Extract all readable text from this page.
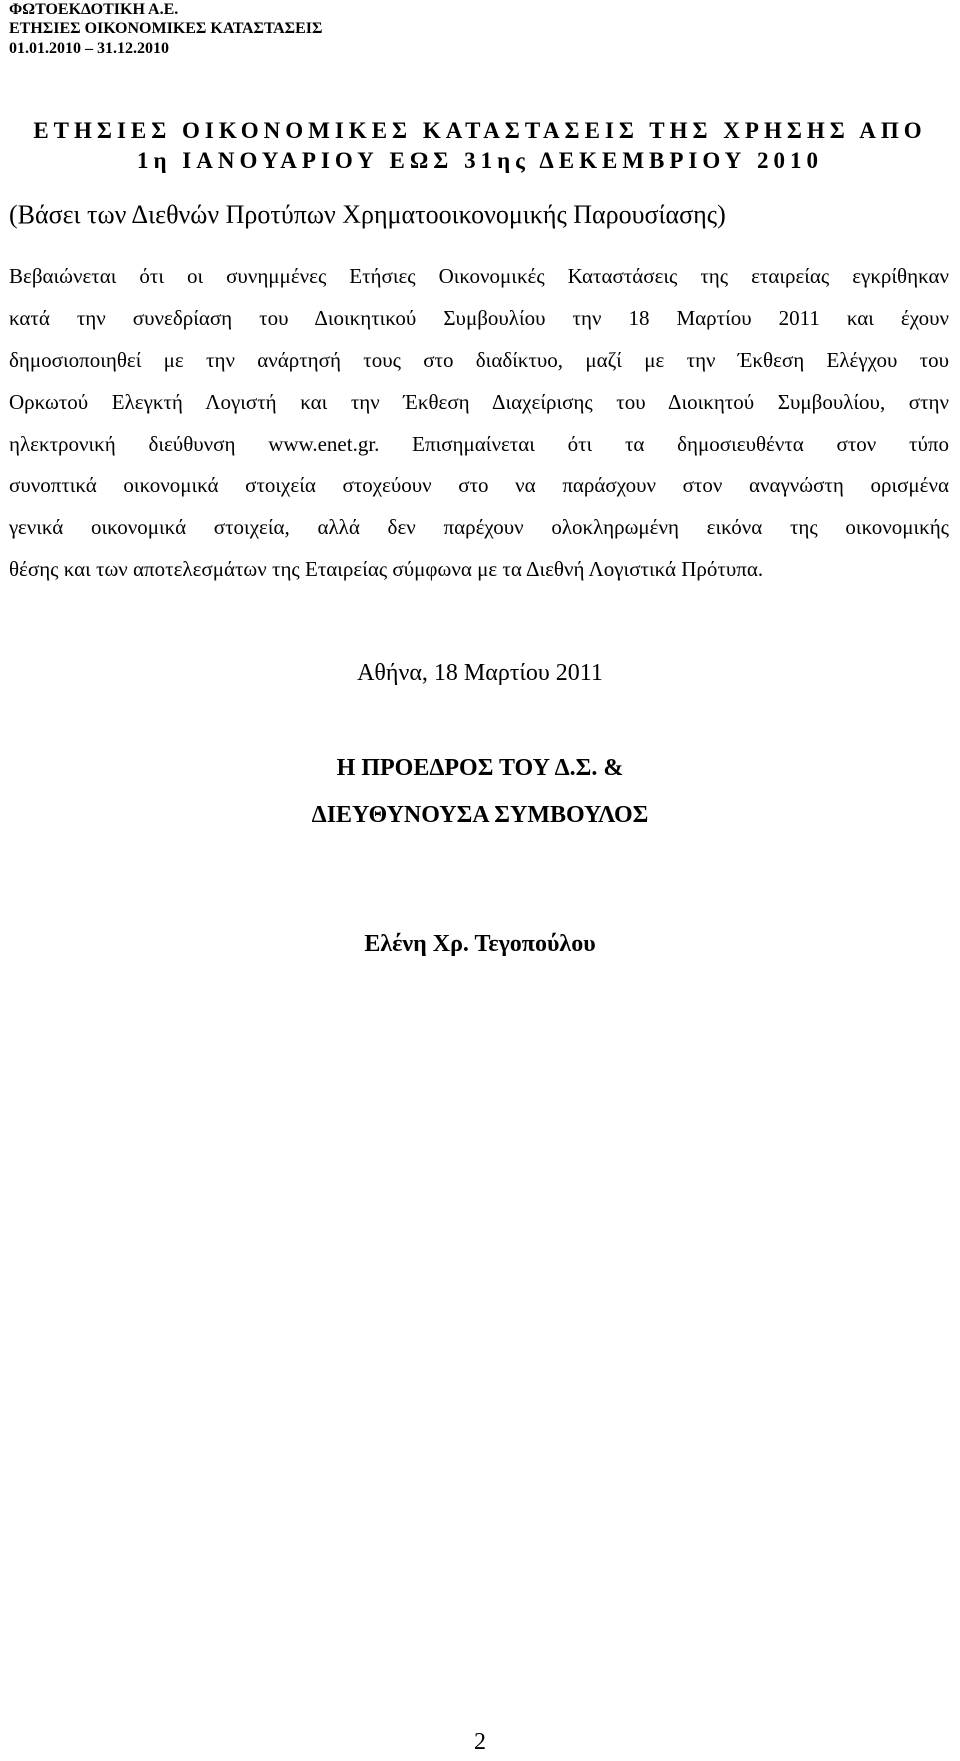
ΦΩΤΟΕΚΔΟΤΙΚΗ Α.Ε.

ΕΤΗΣΙΕΣ ΟΙΚΟΝΟΜΙΚΕΣ ΚΑΤΑΣΤΑΣΕΙΣ

01.01.2010 – 31.12.2010

ΕΤΗΣΙΕΣ ΟΙΚΟΝΟΜΙΚΕΣ ΚΑΤΑΣΤΑΣΕΙΣ ΤΗΣ ΧΡΗΣΗΣ ΑΠΟ
1η ΙΑΝΟΥΑΡΙΟΥ ΕΩΣ 31ης ΔΕΚΕΜΒΡΙΟΥ 2010

(Βάσει των Διεθνών Προτύπων Χρηματοοικονομικής Παρουσίασης)

Βεβαιώνεται ότι οι συνημμένες Ετήσιες Οικονομικές Καταστάσεις της εταιρείας εγκρίθηκαν
κατά την συνεδρίαση του Διοικητικού Συμβουλίου την 18 Μαρτίου 2011 και έχουν
δημοσιοποιηθεί με την ανάρτησή τους στο διαδίκτυο, μαζί με την Έκθεση Ελέγχου του
Ορκωτού Ελεγκτή Λογιστή και την Έκθεση Διαχείρισης του Διοικητού Συμβουλίου, στην
ηλεκτρονική διεύθυνση www.enet.gr. Επισημαίνεται ότι τα δημοσιευθέντα στον τύπο
συνοπτικά οικονομικά στοιχεία στοχεύουν στο να παράσχουν στον αναγνώστη ορισμένα
γενικά οικονομικά στοιχεία, αλλά δεν παρέχουν ολοκληρωμένη εικόνα της οικονομικής
θέσης και των αποτελεσμάτων της Εταιρείας σύμφωνα με τα Διεθνή Λογιστικά Πρότυπα.

Αθήνα, 18 Μαρτίου 2011

Η ΠΡΟΕΔΡΟΣ ΤΟΥ Δ.Σ. &

ΔΙΕΥΘΥΝΟΥΣΑ ΣΥΜΒΟΥΛΟΣ

Ελένη Χρ. Τεγοπούλου

2
